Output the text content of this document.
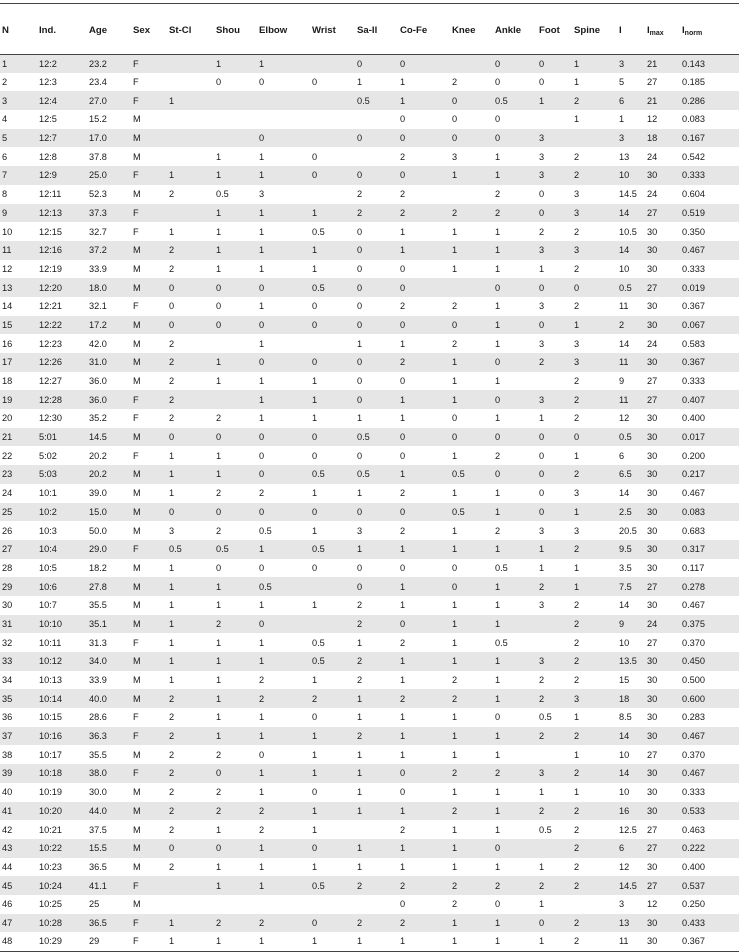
N	Ind.	Age	Sex	St-Cl	Shou	Elbow	Wrist	Sa-Il	Co-Fe	Knee	Ankle	Foot	Spine	I	$I_{max}$	$I_{norm}$
1	12:2	23.2	F		1	1		0	0		0	0	1	3	21	0.143
2	12:3	23.4	F		0	0	0	1	1	2	0	0	1	5	27	0.185
3	12:4	27.0	F	1				0.5	1	0	0.5	1	2	6	21	0.286
4	12:5	15.2	M						0	0	0		1	1	12	0.083
5	12:7	17.0	M			0		0	0	0	0	3		3	18	0.167
6	12:8	37.8	M		1	1	0		2	3	1	3	2	13	24	0.542
7	12:9	25.0	F	1	1	1	0	0	0	1	1	3	2	10	30	0.333
8	12:11	52.3	M	2	0.5	3		2	2		2	0	3	14.5	24	0.604
9	12:13	37.3	F		1	1	1	2	2	2	2	0	3	14	27	0.519
10	12:15	32.7	F	1	1	1	0.5	0	1	1	1	2	2	10.5	30	0.350
11	12:16	37.2	M	2	1	1	1	0	1	1	1	3	3	14	30	0.467
12	12:19	33.9	M	2	1	1	1	0	0	1	1	1	2	10	30	0.333
13	12:20	18.0	M	0	0	0	0.5	0	0		0	0	0	0.5	27	0.019
14	12:21	32.1	F	0	0	1	0	0	2	2	1	3	2	11	30	0.367
15	12:22	17.2	M	0	0	0	0	0	0	0	1	0	1	2	30	0.067
16	12:23	42.0	M	2		1		1	1	2	1	3	3	14	24	0.583
17	12:26	31.0	M	2	1	0	0	0	2	1	0	2	3	11	30	0.367
18	12:27	36.0	M	2	1	1	1	0	0	1	1		2	9	27	0.333
19	12:28	36.0	F	2		1	1	0	1	1	0	3	2	11	27	0.407
20	12:30	35.2	F	2	2	1	1	1	1	0	1	1	2	12	30	0.400
21	5:01	14.5	M	0	0	0	0	0.5	0	0	0	0	0	0.5	30	0.017
22	5:02	20.2	F	1	1	0	0	0	0	1	2	0	1	6	30	0.200
23	5:03	20.2	M	1	1	0	0.5	0.5	1	0.5	0	0	2	6.5	30	0.217
24	10:1	39.0	M	1	2	2	1	1	2	1	1	0	3	14	30	0.467
25	10:2	15.0	M	0	0	0	0	0	0	0.5	1	0	1	2.5	30	0.083
26	10:3	50.0	M	3	2	0.5	1	3	2	1	2	3	3	20.5	30	0.683
27	10:4	29.0	F	0.5	0.5	1	0.5	1	1	1	1	1	2	9.5	30	0.317
28	10:5	18.2	M	1	0	0	0	0	0	0	0.5	1	1	3.5	30	0.117
29	10:6	27.8	M	1	1	0.5		0	1	0	1	2	1	7.5	27	0.278
30	10:7	35.5	M	1	1	1	1	2	1	1	1	3	2	14	30	0.467
31	10:10	35.1	M	1	2	0		2	0	1	1		2	9	24	0.375
32	10:11	31.3	F	1	1	1	0.5	1	2	1	0.5		2	10	27	0.370
33	10:12	34.0	M	1	1	1	0.5	2	1	1	1	3	2	13.5	30	0.450
34	10:13	33.9	M	1	1	2	1	2	1	2	1	2	2	15	30	0.500
35	10:14	40.0	M	2	1	2	2	1	2	2	1	2	3	18	30	0.600
36	10:15	28.6	F	2	1	1	0	1	1	1	0	0.5	1	8.5	30	0.283
37	10:16	36.3	F	2	1	1	1	2	1	1	1	2	2	14	30	0.467
38	10:17	35.5	M	2	2	0	1	1	1	1	1		1	10	27	0.370
39	10:18	38.0	F	2	0	1	1	1	0	2	2	3	2	14	30	0.467
40	10:19	30.0	M	2	2	1	0	1	0	1	1	1	1	10	30	0.333
41	10:20	44.0	M	2	2	2	1	1	1	2	1	2	2	16	30	0.533
42	10:21	37.5	M	2	1	2	1		2	1	1	0.5	2	12.5	27	0.463
43	10:22	15.5	M	0	0	1	0	1	1	1	0		2	6	27	0.222
44	10:23	36.5	M	2	1	1	1	1	1	1	1	1	2	12	30	0.400
45	10:24	41.1	F		1	1	0.5	2	2	2	2	2	2	14.5	27	0.537
46	10:25	25	M						0	2	0	1		3	12	0.250
47	10:28	36.5	F	1	2	2	0	2	2	1	1	0	2	13	30	0.433
48	10:29	29	F	1	1	1	1	1	1	1	1	1	2	11	30	0.367
